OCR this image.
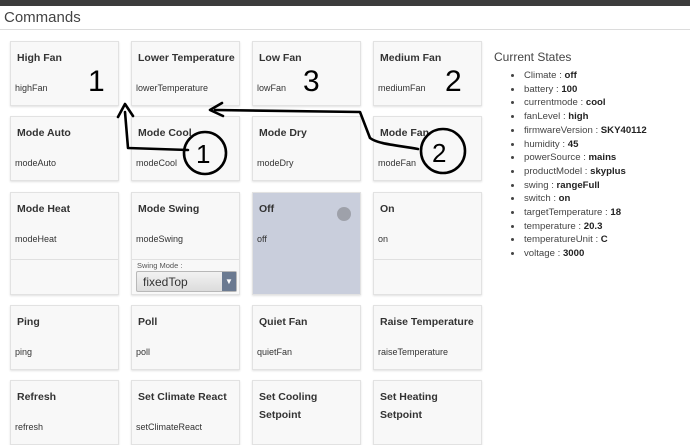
Commands
High Fan
highFan
Lower Temperature
lowerTemperature
Low Fan
lowFan
Medium Fan
mediumFan
Mode Auto
modeAuto
Mode Cool
modeCool
Mode Dry
modeDry
Mode Fan
modeFan
Mode Heat
modeHeat
Mode Swing
modeSwing
Swing Mode :
fixedTop	▼
Off
off
On
on
Ping
ping
Poll
poll
Quiet Fan
quietFan
Raise Temperature
raiseTemperature
Refresh
refresh
Set Climate React
setClimateReact
Set Cooling Setpoint
Set Heating Setpoint
Current States
Climate : off
battery : 100
currentmode : cool
fanLevel : high
firmwareVersion : SKY40112
humidity : 45
powerSource : mains
productModel : skyplus
swing : rangeFull
switch : on
targetTemperature : 18
temperature : 20.3
temperatureUnit : C
voltage : 3000
1	3	2
1	2
